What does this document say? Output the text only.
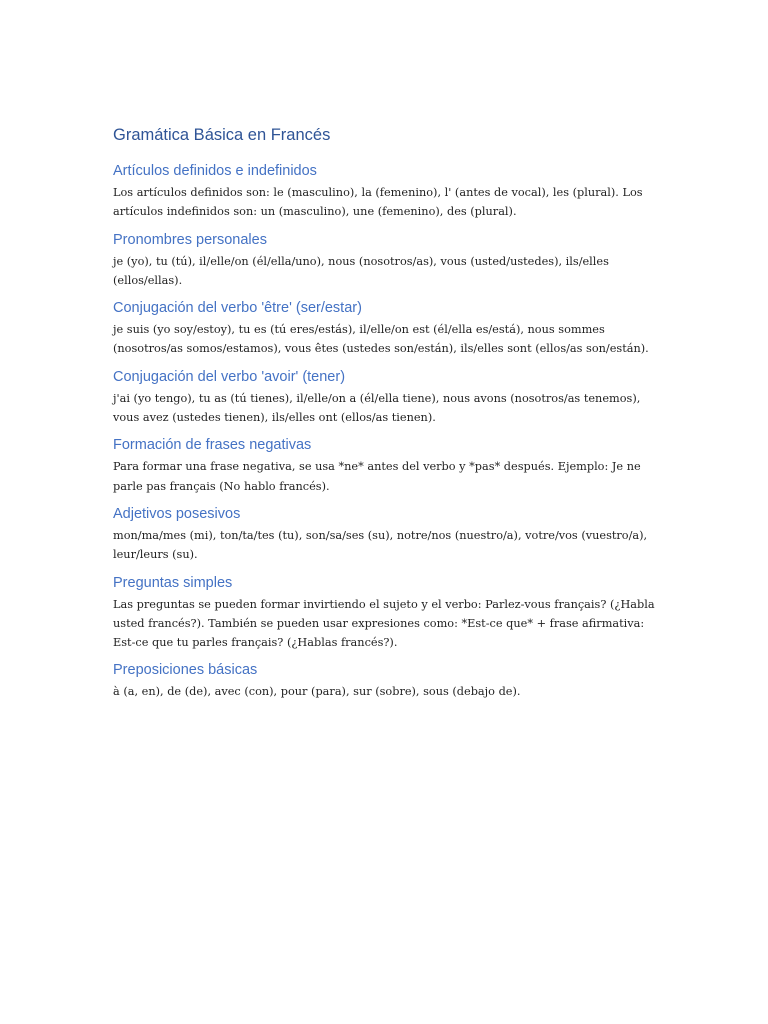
Gramática Básica en Francés
Artículos definidos e indefinidos

Los artículos definidos son: le (masculino), la (femenino), l' (antes de vocal), les (plural). Los artículos indefinidos son: un (masculino), une (femenino), des (plural).

Pronombres personales

je (yo), tu (tú), il/elle/on (él/ella/uno), nous (nosotros/as), vous (usted/ustedes), ils/elles (ellos/ellas).

Conjugación del verbo 'être' (ser/estar)

je suis (yo soy/estoy), tu es (tú eres/estás), il/elle/on est (él/ella es/está), nous sommes (nosotros/as somos/estamos), vous êtes (ustedes son/están), ils/elles sont (ellos/as son/están).

Conjugación del verbo 'avoir' (tener)

j'ai (yo tengo), tu as (tú tienes), il/elle/on a (él/ella tiene), nous avons (nosotros/as tenemos), vous avez (ustedes tienen), ils/elles ont (ellos/as tienen).

Formación de frases negativas

Para formar una frase negativa, se usa *ne* antes del verbo y *pas* después. Ejemplo: Je ne parle pas français (No hablo francés).

Adjetivos posesivos

mon/ma/mes (mi), ton/ta/tes (tu), son/sa/ses (su), notre/nos (nuestro/a), votre/vos (vuestro/a), leur/leurs (su).

Preguntas simples

Las preguntas se pueden formar invirtiendo el sujeto y el verbo: Parlez-vous français? (¿Habla usted francés?). También se pueden usar expresiones como: *Est-ce que* + frase afirmativa: Est-ce que tu parles français? (¿Hablas francés?).

Preposiciones básicas

à (a, en), de (de), avec (con), pour (para), sur (sobre), sous (debajo de).
